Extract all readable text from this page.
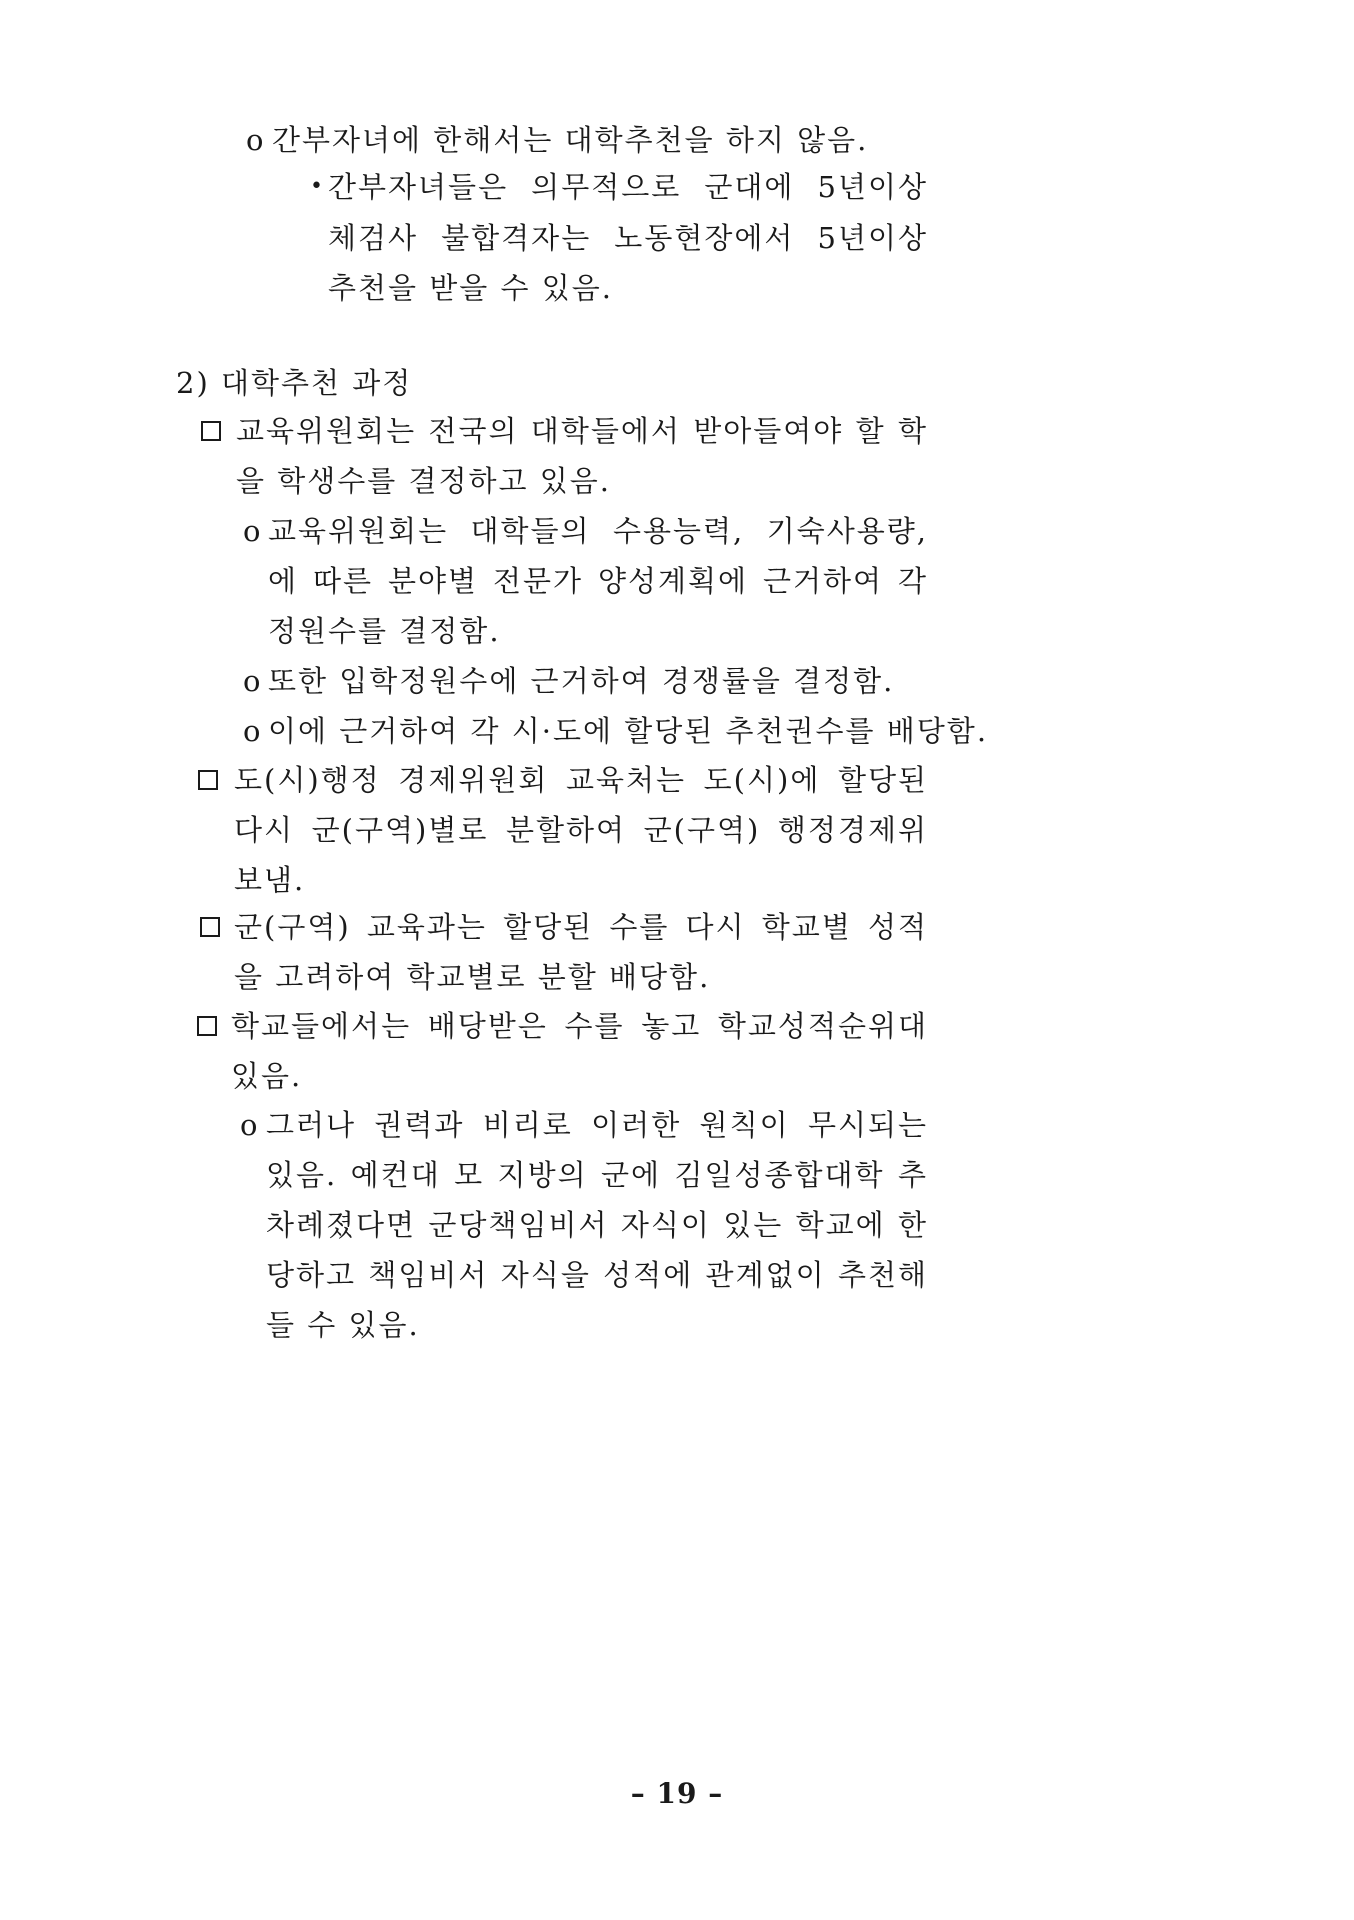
o 간부자녀에 한해서는 대학추천을 하지 않음.
• 간부자녀들은 의무적으로 군대에 5년이상
체검사 불합격자는 노동현장에서 5년이상
추천을 받을 수 있음.
2) 대학추천 과정
교육위원회는 전국의 대학들에서 받아들여야 할 학
을 학생수를 결정하고 있음.
o 교육위원회는 대학들의 수용능력, 기숙사용량,
에 따른 분야별 전문가 양성계획에 근거하여 각
정원수를 결정함.
o 또한 입학정원수에 근거하여 경쟁률을 결정함.
o 이에 근거하여 각 시·도에 할당된 추천권수를 배당함.
도(시)행정 경제위원회 교육처는 도(시)에 할당된
다시 군(구역)별로 분할하여 군(구역) 행정경제위
보냄.
군(구역) 교육과는 할당된 수를 다시 학교별 성적
을 고려하여 학교별로 분할 배당함.
학교들에서는 배당받은 수를 놓고 학교성적순위대
있음.
o 그러나 권력과 비리로 이러한 원칙이 무시되는
있음. 예컨대 모 지방의 군에 김일성종합대학 추
차례졌다면 군당책임비서 자식이 있는 학교에 한
당하고 책임비서 자식을 성적에 관계없이 추천해
들 수 있음.
– 19 –
